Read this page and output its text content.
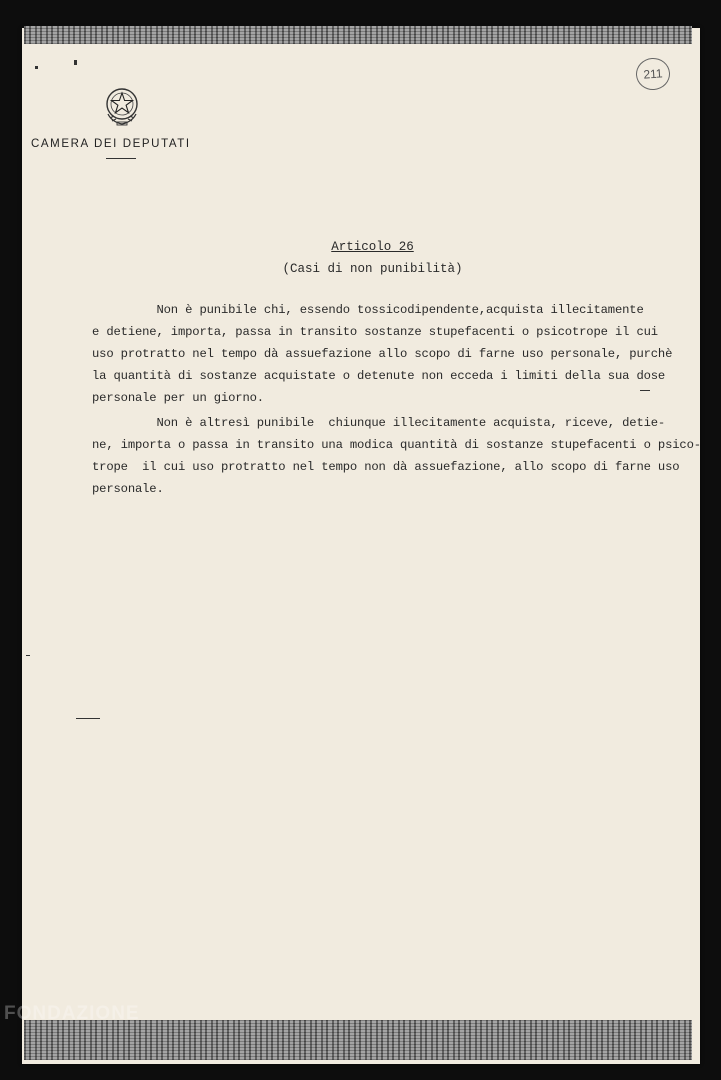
CAMERA DEI DEPUTATI
211
Articolo 26
(Casi di non punibilità)
Non è punibile chi, essendo tossicodipendente,acquista illecitamente
e detiene, importa, passa in transito sostanze stupefacenti o psicotrope il cui
uso protratto nel tempo dà assuefazione allo scopo di farne uso personale, purchè
la quantità di sostanze acquistate o detenute non ecceda i limiti della sua dose
personale per un giorno.
Non è altresì punibile  chiunque illecitamente acquista, riceve, detie-
ne, importa o passa in transito una modica quantità di sostanze stupefacenti o psico-
trope  il cui uso protratto nel tempo non dà assuefazione, allo scopo di farne uso
personale.
FONDAZIONE
